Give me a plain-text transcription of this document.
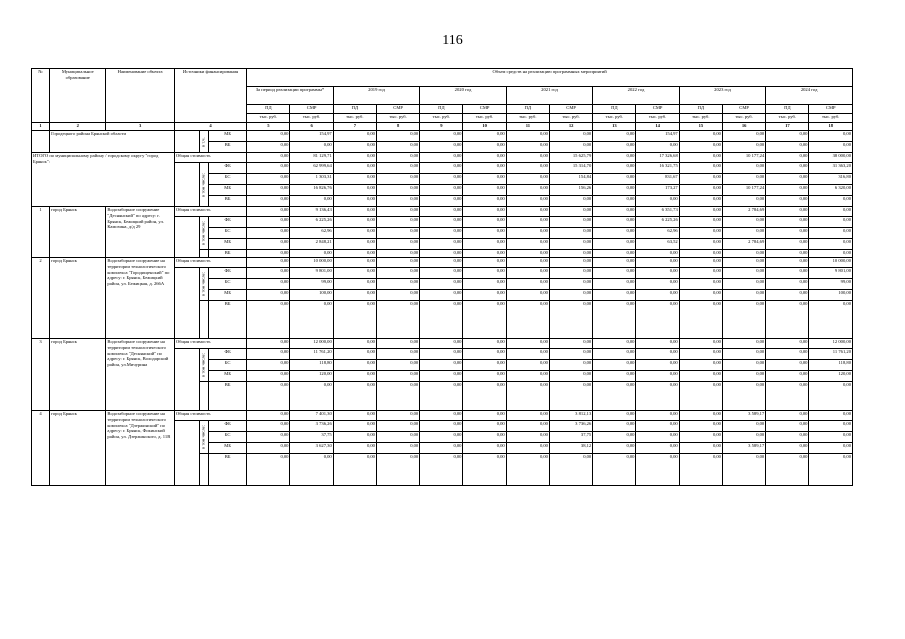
116
№	Муниципальное образование	Наименование объекта	Источники финансирования			Объем средств на реализацию программных мероприятий													
						За период реализации программы*		2019 год		2020 год		2021 год		2022 год		2023 год		2024 год	
						ПД	СМР	ПД	СМР	ПД	СМР	ПД	СМР	ПД	СМР	ПД	СМР	ПД	СМР
						тыс. руб.	тыс. руб.	тыс. руб.	тыс. руб.	тыс. руб.	тыс. руб.	тыс. руб.	тыс. руб.	тыс. руб.	тыс. руб.	тыс. руб.	тыс. руб.	тыс. руб.	тыс. руб.
1	2	3	4			5	6	7	8	9	10	11	12	13	14	15	16	17	18
	Городецкого района Брянской области			в т.ч.	МБ	0,00	154,97	0,00	0,00	0,00	0,00	0,00	0,00	0,00	154,97	0,00	0,00	0,00	0,00
					ВБ	0,00	0,00	0,00	0,00	0,00	0,00	0,00	0,00	0,00	0,00	0,00	0,00	0,00	0,00
ИТОГО по муниципальному району / городскому округу "город Брянск":			Общая стоимость			0,00	81 129,71	0,00	0,00	0,00	0,00	0,00	15 625,79	0,00	17 326,68	0,00	10 177,24	0,00	38 000,00
				в том числе:	ФБ	0,00	62 999,64	0,00	0,00	0,00	0,00	0,00	15 314,70	0,00	16 321,75	0,00	0,00	0,00	31 363,20
					БС	0,00	1 303,31	0,00	0,00	0,00	0,00	0,00	154,84	0,00	831,67	0,00	0,00	0,00	316,80
					МБ	0,00	16 826,76	0,00	0,00	0,00	0,00	0,00	156,26	0,00	173,27	0,00	10 177,24	0,00	6 320,00
					ВБ	0,00	0,00	0,00	0,00	0,00	0,00	0,00	0,00	0,00	0,00	0,00	0,00	0,00	0,00
1	город Брянск	Водозаборное сооружение "Деснянский" по адресу: г. Брянск, Бежицкий район, ул. Камозина, д/д 29	Общая стоимость			0,00	9 136,43	0,00	0,00	0,00	0,00	0,00	0,00	0,00	6 351,73	0,00	2 784,69	0,00	0,00
				в том числе:	ФБ	0,00	6 225,26	0,00	0,00	0,00	0,00	0,00	0,00	0,00	6 225,26	0,00	0,00	0,00	0,00
					БС	0,00	62,96	0,00	0,00	0,00	0,00	0,00	0,00	0,00	62,96	0,00	0,00	0,00	0,00
					МБ	0,00	2 848,21	0,00	0,00	0,00	0,00	0,00	0,00	0,00	63,52	0,00	2 784,69	0,00	0,00
					ВБ	0,00	0,00	0,00	0,00	0,00	0,00	0,00	0,00	0,00	0,00	0,00	0,00	0,00	0,00
2	город Брянск	Водозаборное сооружение на территории технологического комплекса "Городищенский" по адресу: г. Брянск, Бежицкий район, ул. Бежицкая, д. 266А	Общая стоимость			0,00	10 000,00	0,00	0,00	0,00	0,00	0,00	0,00	0,00	0,00	0,00	0,00	0,00	10 000,00
				в том числе:	ФБ	0,00	9 801,00	0,00	0,00	0,00	0,00	0,00	0,00	0,00	0,00	0,00	0,00	0,00	9 801,00
					БС	0,00	99,00	0,00	0,00	0,00	0,00	0,00	0,00	0,00	0,00	0,00	0,00	0,00	99,00
					МБ	0,00	100,00	0,00	0,00	0,00	0,00	0,00	0,00	0,00	0,00	0,00	0,00	0,00	100,00
					ВБ	0,00	0,00	0,00	0,00	0,00	0,00	0,00	0,00	0,00	0,00	0,00	0,00	0,00	0,00
3	город Брянск	Водозаборное сооружение на территории технологического комплекса "Деснянский" по адресу: г. Брянск, Володарский район, ул.Мичурина	Общая стоимость			0,00	12 000,00	0,00	0,00	0,00	0,00	0,00	0,00	0,00	0,00	0,00	0,00	0,00	12 000,00
				в том числе:	ФБ	0,00	11 761,20	0,00	0,00	0,00	0,00	0,00	0,00	0,00	0,00	0,00	0,00	0,00	11 761,20
					БС	0,00	118,80	0,00	0,00	0,00	0,00	0,00	0,00	0,00	0,00	0,00	0,00	0,00	118,80
					МБ	0,00	120,00	0,00	0,00	0,00	0,00	0,00	0,00	0,00	0,00	0,00	0,00	0,00	120,00
					ВБ	0,00	0,00	0,00	0,00	0,00	0,00	0,00	0,00	0,00	0,00	0,00	0,00	0,00	0,00
4	город Брянск	Водозаборное сооружение на территории технологического комплекса "Дзержинский" по адресу: г. Брянск, Фокинский район, ул. Дзержинского, д. 11В	Общая стоимость			0,00	7 401,30	0,00	0,00	0,00	0,00	0,00	3 812,13	0,00	0,00	0,00	3 589,17	0,00	0,00
				в том числе:	ФБ	0,00	3 736,26	0,00	0,00	0,00	0,00	0,00	3 736,26	0,00	0,00	0,00	0,00	0,00	0,00
					БС	0,00	37,75	0,00	0,00	0,00	0,00	0,00	37,75	0,00	0,00	0,00	0,00	0,00	0,00
					МБ	0,00	3 627,30	0,00	0,00	0,00	0,00	0,00	38,12	0,00	0,00	0,00	3 589,17	0,00	0,00
					ВБ	0,00	0,00	0,00	0,00	0,00	0,00	0,00	0,00	0,00	0,00	0,00	0,00	0,00	0,00
